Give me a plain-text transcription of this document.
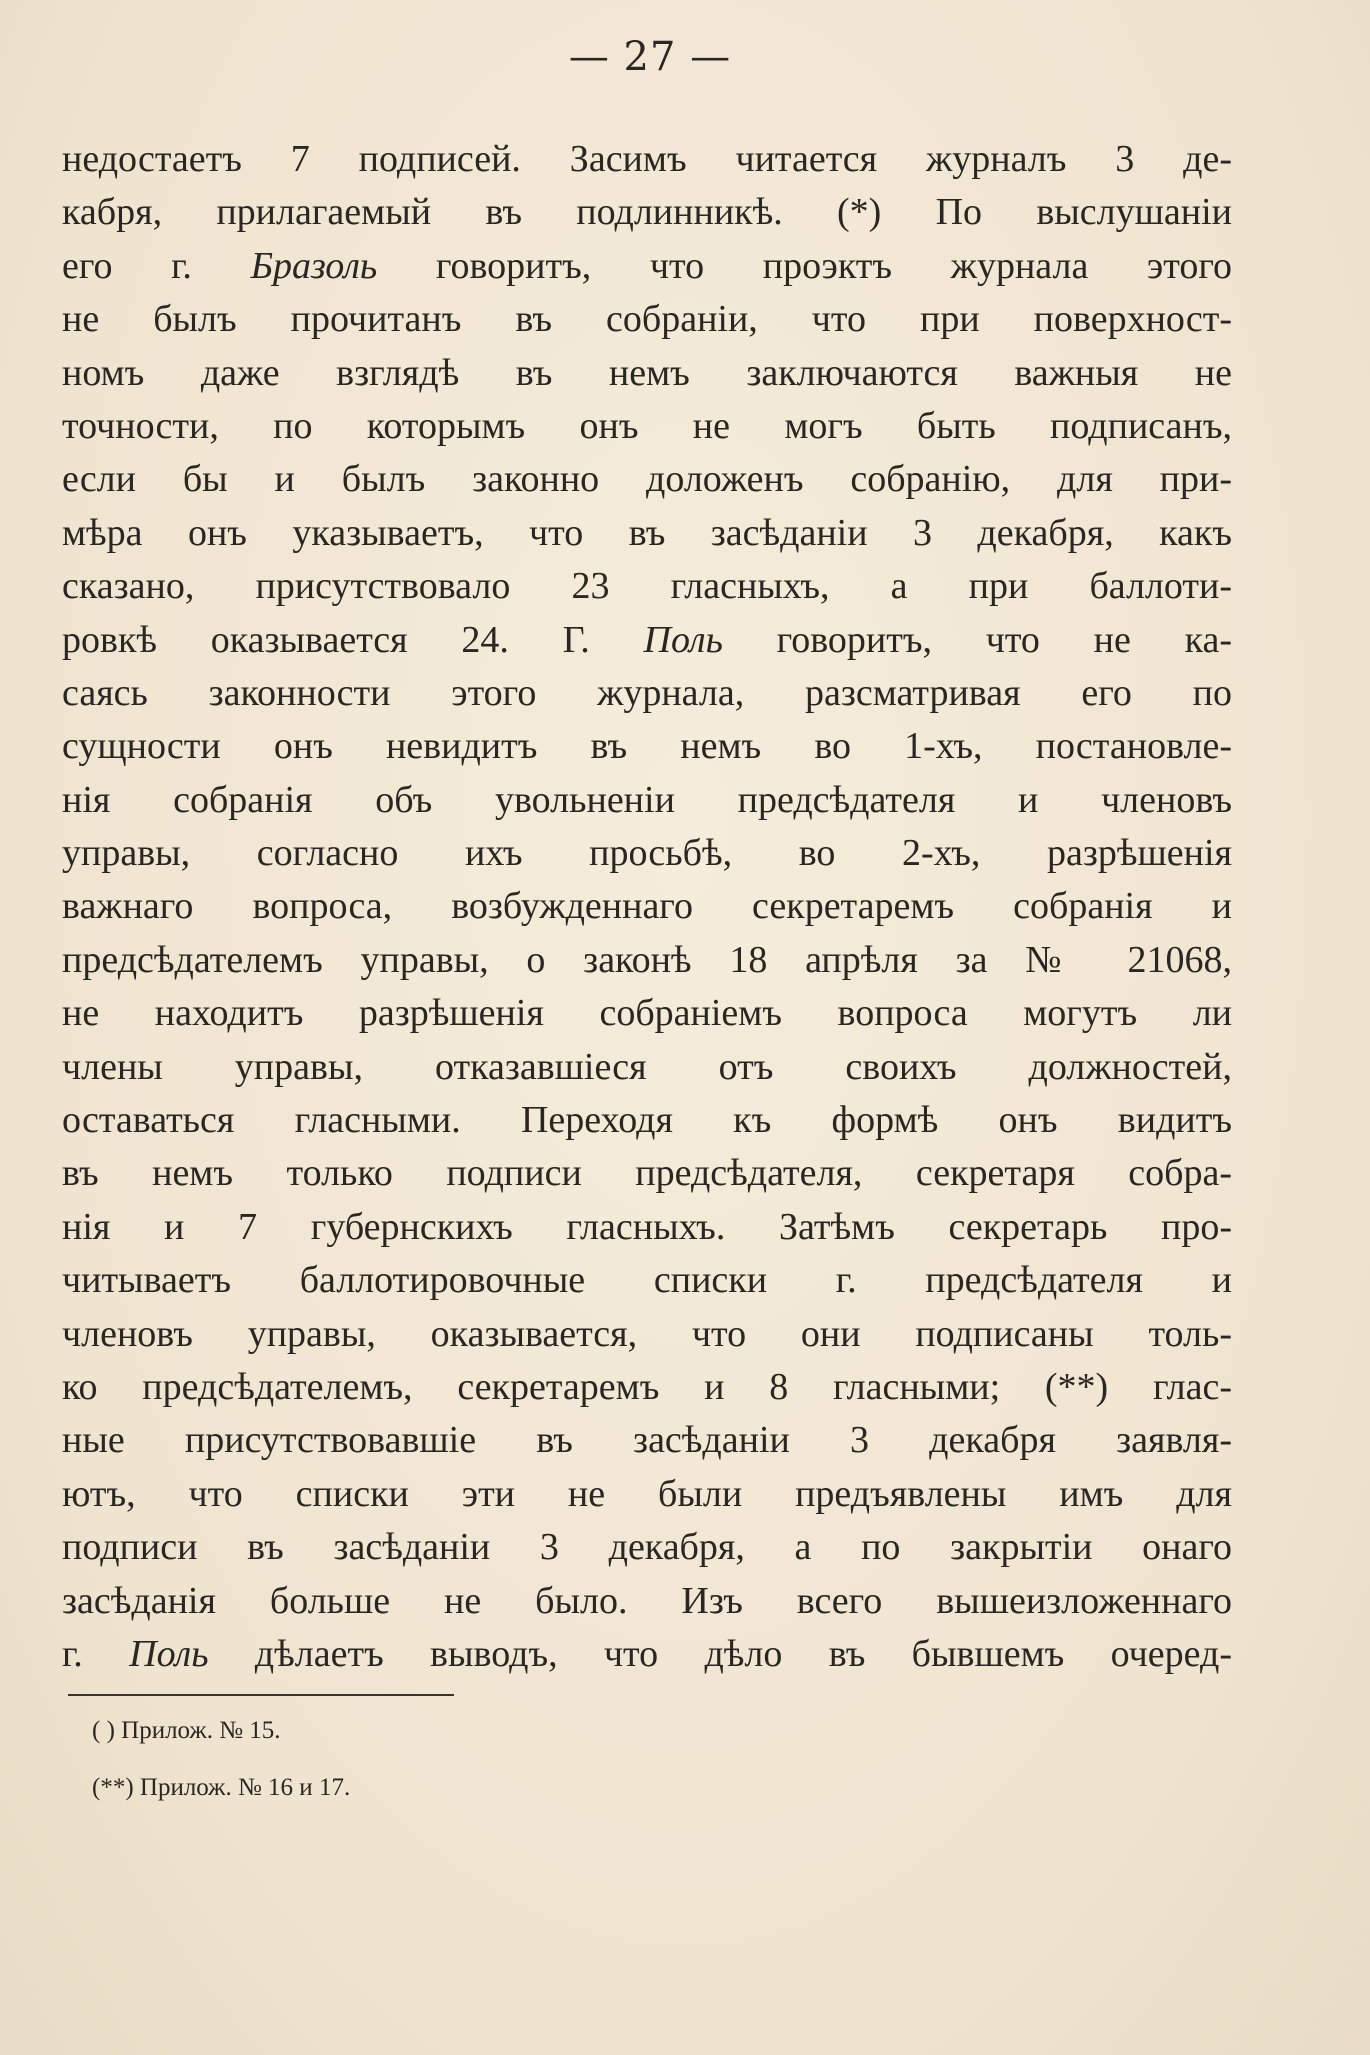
— 27 —
недостаетъ 7 подписей. Засимъ читается журналъ 3 де-
кабря, прилагаемый въ подлинникѣ. (*) По выслушаніи
его г. Бразоль говоритъ, что проэктъ журнала этого
не былъ прочитанъ въ собраніи, что при поверхност-
номъ даже взглядѣ въ немъ заключаются важныя не
точности, по которымъ онъ не могъ быть подписанъ,
если бы и былъ законно доложенъ собранію, для при-
мѣра онъ указываетъ, что въ засѣданіи 3 декабря, какъ
сказано, присутствовало 23 гласныхъ, а при баллоти-
ровкѣ оказывается 24. Г. Поль говоритъ, что не ка-
саясь законности этого журнала, разсматривая его по
сущности онъ невидитъ въ немъ во 1-хъ, постановле-
нія собранія объ увольненіи предсѣдателя и членовъ
управы, согласно ихъ просьбѣ, во 2-хъ, разрѣшенія
важнаго вопроса, возбужденнаго секретаремъ собранія и
предсѣдателемъ управы, о законѣ 18 апрѣля за № 21068,
не находитъ разрѣшенія собраніемъ вопроса могутъ ли
члены управы, отказавшіеся отъ своихъ должностей,
оставаться гласными. Переходя къ формѣ онъ видитъ
въ немъ только подписи предсѣдателя, секретаря собра-
нія и 7 губернскихъ гласныхъ. Затѣмъ секретарь про-
читываетъ баллотировочные списки г. предсѣдателя и
членовъ управы, оказывается, что они подписаны толь-
ко предсѣдателемъ, секретаремъ и 8 гласными; (**) глас-
ные присутствовавшіе въ засѣданіи 3 декабря заявля-
ютъ, что списки эти не были предъявлены имъ для
подписи въ засѣданіи 3 декабря, а по закрытіи онаго
засѣданія больше не было. Изъ всего вышеизложеннаго
г. Поль дѣлаетъ выводъ, что дѣло въ бывшемъ очеред-
( ) Прилож. № 15.
(**) Прилож. № 16 и 17.
